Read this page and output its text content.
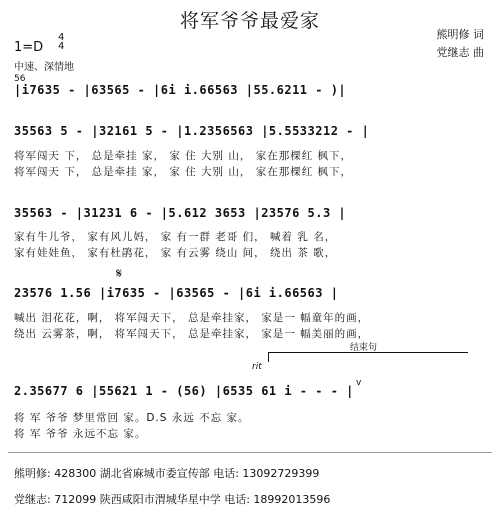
将军爷爷最爱家
熊明修 词
党继志 曲
1=D
4
4
中速、深情地
56
|i7635 - |63565 - |6i i.66563 |55.6211 - )|
35563 5 - |32161 5 - |1.2356563 |5.5533212 - |
将军闯天 下， 总是牵挂 家， 家 住 大别 山， 家在那棵红 枫下，
将军闯天 下， 总是牵挂 家， 家 住 大别 山， 家在那棵红 枫下，
35563 - |31231 6 - |5.612 3653 |23576 5.3 |
家有牛儿爷， 家有风儿妈， 家 有一群 老哥 们， 喊着 乳 名，
家有娃娃鱼， 家有杜鹃花， 家 有云雾 绕山 间， 绕出 茶 歌，
𝄋
23576 1.56 |i7635 - |63565 - |6i i.66563 |
喊出 泪花花，啊， 将军闯天下， 总是牵挂家， 家是一 幅童年的画，
绕出 云雾茶，啊， 将军闯天下， 总是牵挂家， 家是一 幅美丽的画，
结束句
rit
v
2.35677 6 |55621 1 - (56) |6535 61 i - - - |
将 军 爷爷 梦里常回 家。D.S 永远 不忘 家。
将 军 爷爷 永远不忘 家。
熊明修: 428300 湖北省麻城市委宣传部 电话: 13092729399
党继志: 712099 陕西咸阳市渭城华星中学 电话: 18992013596
